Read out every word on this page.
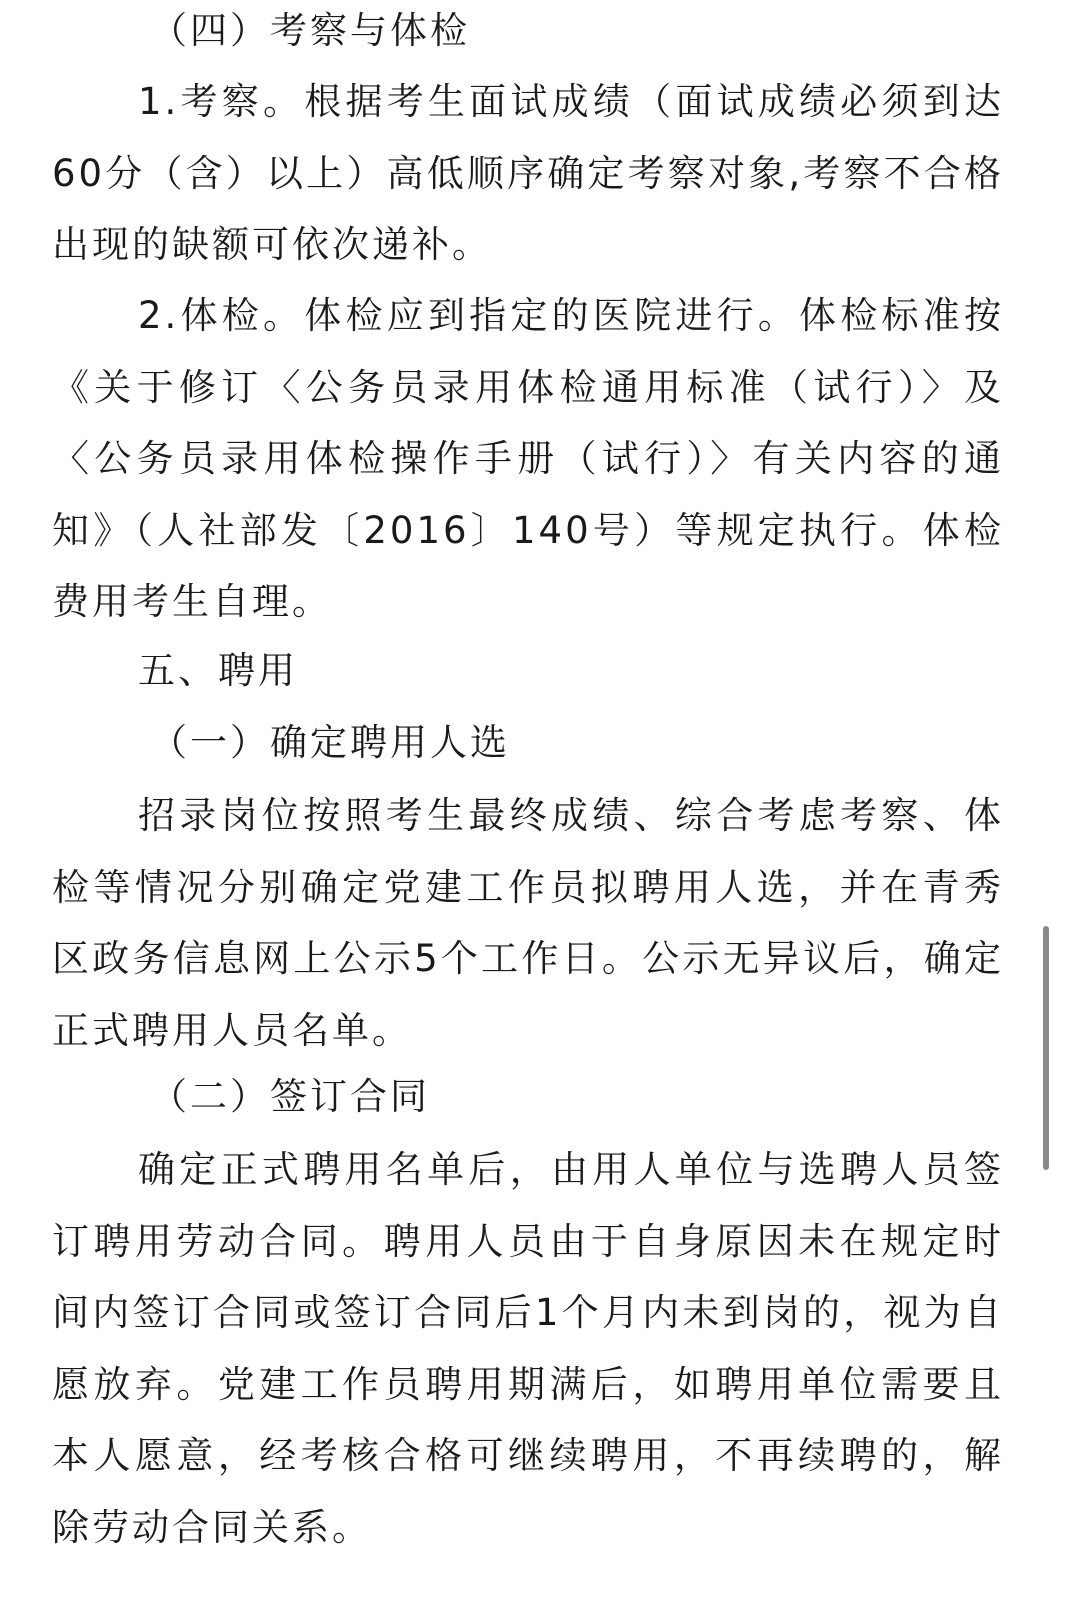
（四）考察与体检

1.考察。根据考生面试成绩（面试成绩必须到达60分（含）以上）高低顺序确定考察对象,考察不合格出现的缺额可依次递补。

2.体检。体检应到指定的医院进行。体检标准按《关于修订〈公务员录用体检通用标准（试行）〉及〈公务员录用体检操作手册（试行）〉有关内容的通知》（人社部发〔2016〕140号）等规定执行。体检费用考生自理。

五、聘用
（一）确定聘用人选

招录岗位按照考生最终成绩、综合考虑考察、体检等情况分别确定党建工作员拟聘用人选，并在青秀区政务信息网上公示5个工作日。公示无异议后，确定正式聘用人员名单。

（二）签订合同

确定正式聘用名单后，由用人单位与选聘人员签订聘用劳动合同。聘用人员由于自身原因未在规定时间内签订合同或签订合同后1个月内未到岗的，视为自愿放弃。党建工作员聘用期满后，如聘用单位需要且本人愿意，经考核合格可继续聘用，不再续聘的，解除劳动合同关系。
